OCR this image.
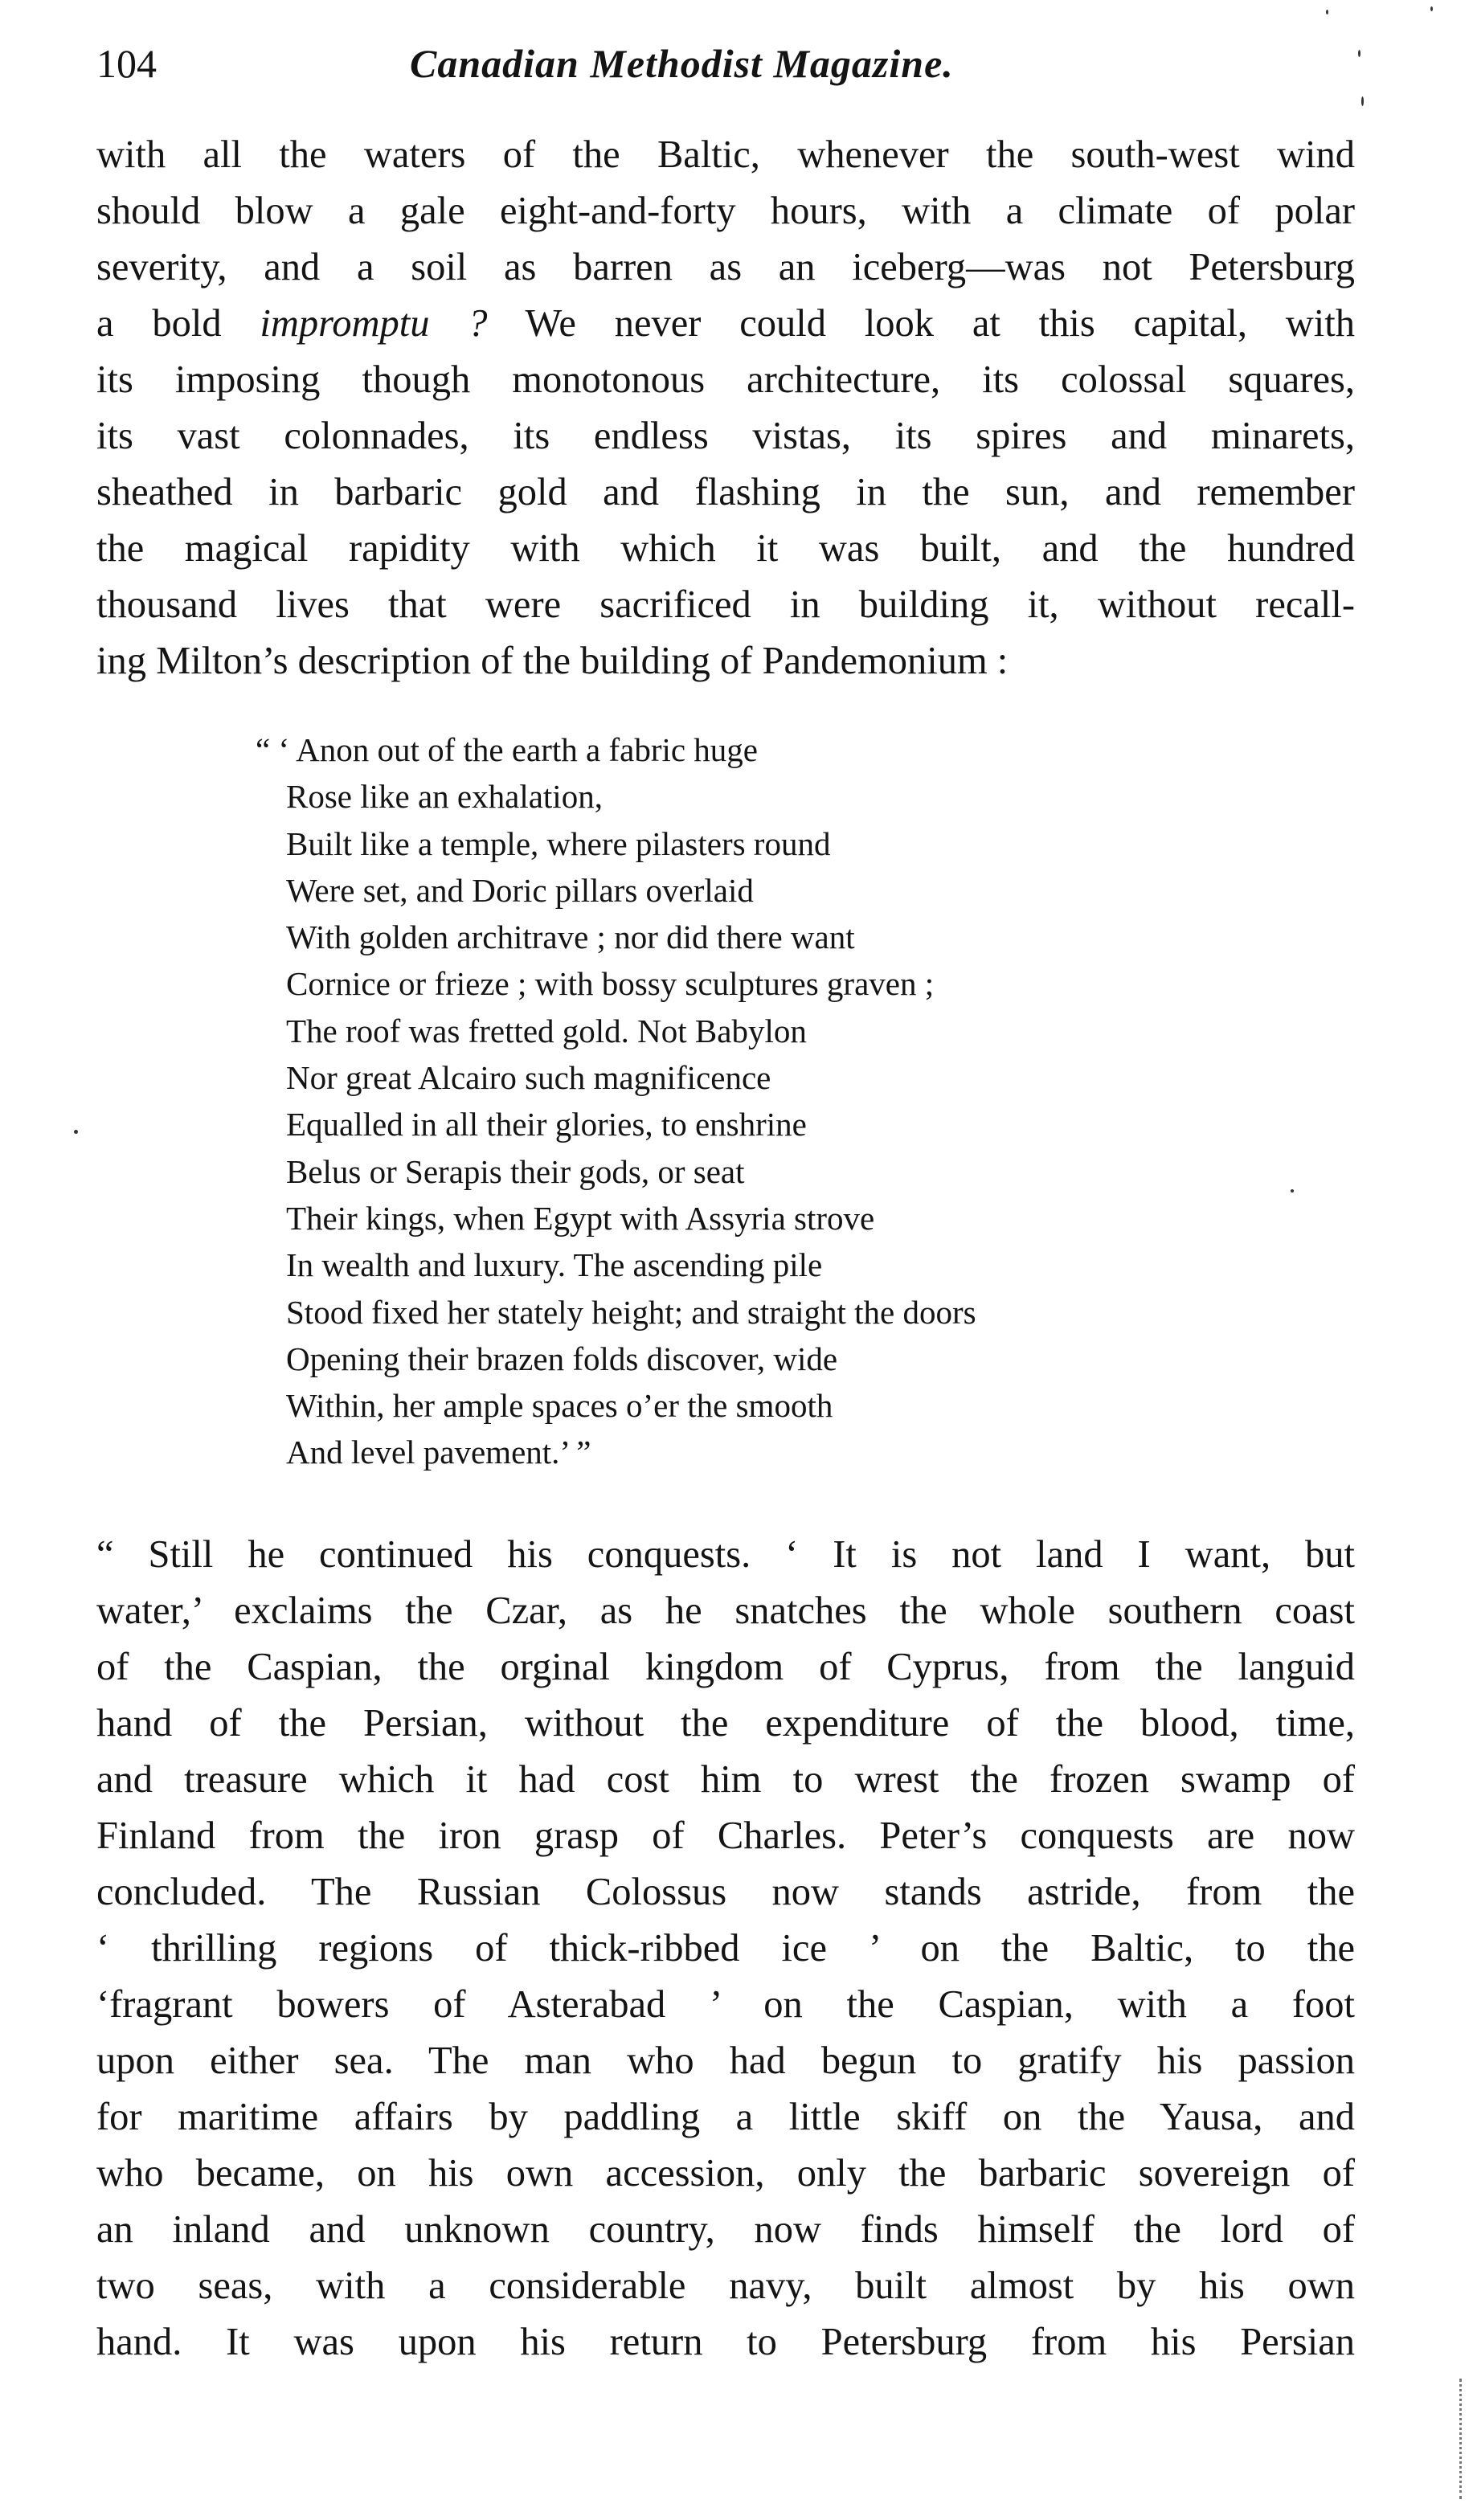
104	Canadian Methodist Magazine.
with all the waters of the Baltic, whenever the south-west wind
should blow a gale eight-and-forty hours, with a climate of polar
severity, and a soil as barren as an iceberg—was not Petersburg
a bold impromptu ? We never could look at this capital, with
its imposing though monotonous architecture, its colossal squares,
its vast colonnades, its endless vistas, its spires and minarets,
sheathed in barbaric gold and flashing in the sun, and remember
the magical rapidity with which it was built, and the hundred
thousand lives that were sacrificed in building it, without recall-
ing Milton’s description of the building of Pandemonium :
“ ‘ Anon out of the earth a fabric huge
Rose like an exhalation,
Built like a temple, where pilasters round
Were set, and Doric pillars overlaid
With golden architrave ; nor did there want
Cornice or frieze ; with bossy sculptures graven ;
The roof was fretted gold. Not Babylon
Nor great Alcairo such magnificence
Equalled in all their glories, to enshrine
Belus or Serapis their gods, or seat
Their kings, when Egypt with Assyria strove
In wealth and luxury. The ascending pile
Stood fixed her stately height; and straight the doors
Opening their brazen folds discover, wide
Within, her ample spaces o’er the smooth
And level pavement.’ ”
“ Still he continued his conquests. ‘ It is not land I want, but
water,’ exclaims the Czar, as he snatches the whole southern coast
of the Caspian, the orginal kingdom of Cyprus, from the languid
hand of the Persian, without the expenditure of the blood, time,
and treasure which it had cost him to wrest the frozen swamp of
Finland from the iron grasp of Charles. Peter’s conquests are now
concluded. The Russian Colossus now stands astride, from the
‘ thrilling regions of thick-ribbed ice ’ on the Baltic, to the
‘fragrant bowers of Asterabad ’ on the Caspian, with a foot
upon either sea. The man who had begun to gratify his passion
for maritime affairs by paddling a little skiff on the Yausa, and
who became, on his own accession, only the barbaric sovereign of
an inland and unknown country, now finds himself the lord of
two seas, with a considerable navy, built almost by his own
hand. It was upon his return to Petersburg from his Persian
